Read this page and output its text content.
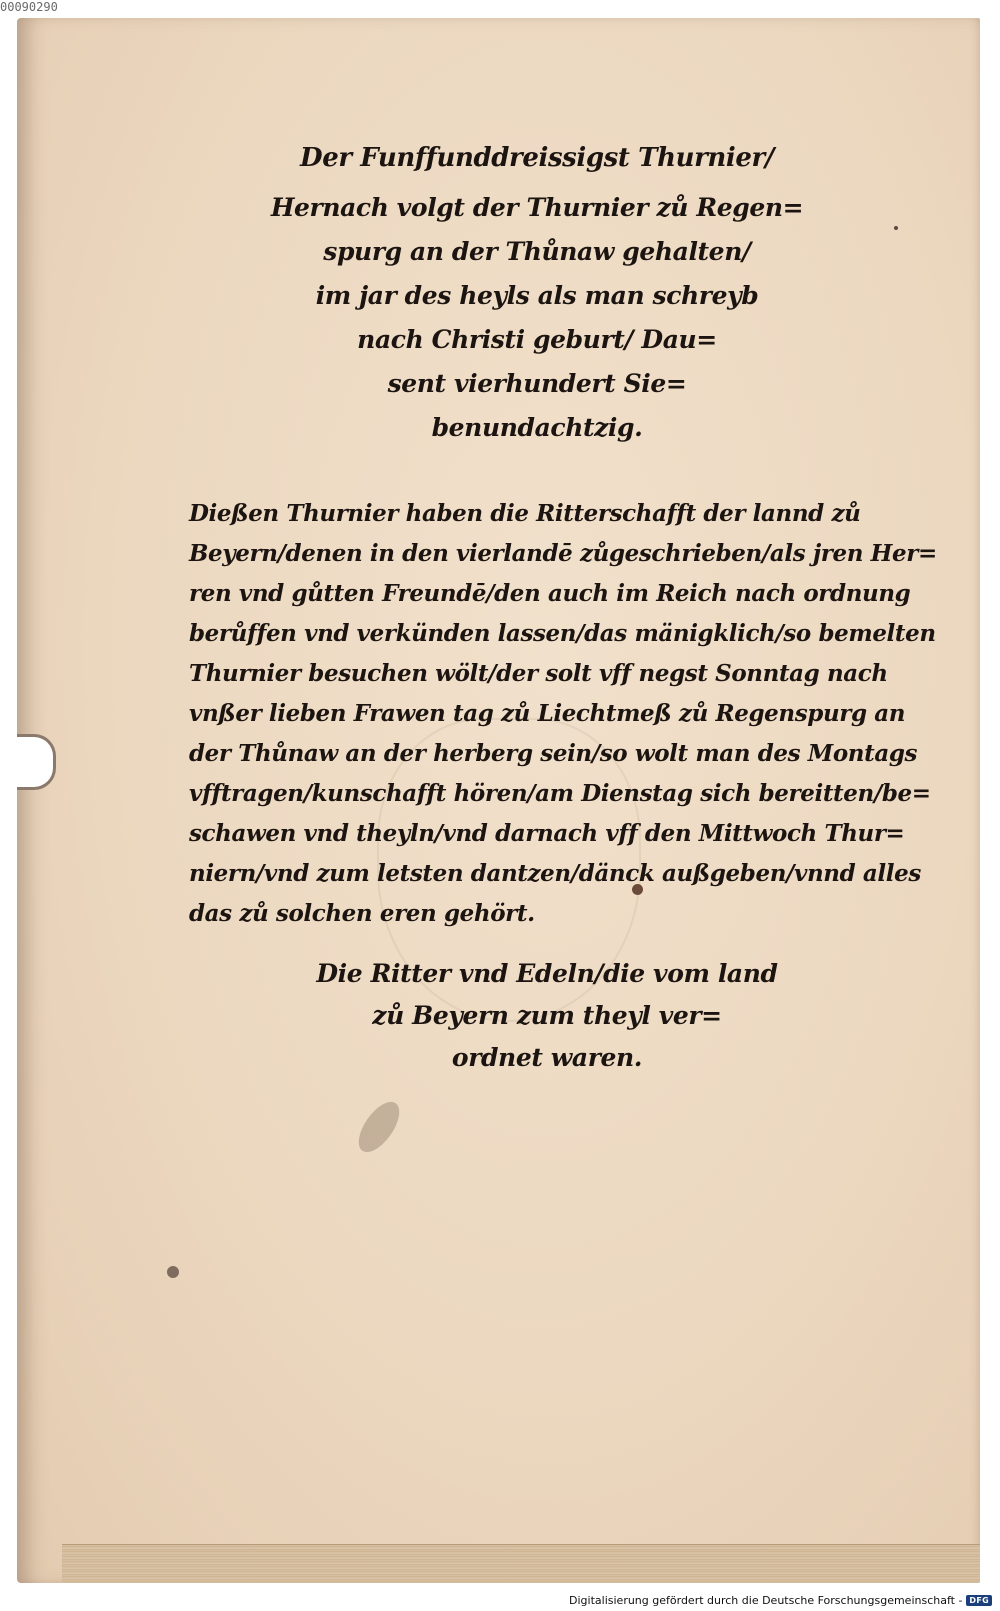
00090290

Der Funffunddreissigst Thurnier/

Hernach volgt der Thurnier zů Regen=

spurg an der Thůnaw gehalten/

im jar des heyls als man schreyb

nach Christi geburt/ Dau=

sent vierhundert Sie=

benundachtzig.

Dießen Thurnier haben die Ritterschafft der lannd zů

Beyern/denen in den vierlandē zůgeschrieben/als jren Her=

ren vnd gůtten Freundē/den auch im Reich nach ordnung

berůffen vnd verkünden lassen/das mänigklich/so bemelten

Thurnier besuchen wölt/der solt vff negst Sonntag nach

vnßer lieben Frawen tag zů Liechtmeß zů Regenspurg an

der Thůnaw an der herberg sein/so wolt man des Montags

vfftragen/kunschafft hören/am Dienstag sich bereitten/be=

schawen vnd theyln/vnd darnach vff den Mittwoch Thur=

niern/vnd zum letsten dantzen/dänck außgeben/vnnd alles

das zů solchen eren gehört.

Die Ritter vnd Edeln/die vom land

zů Beyern zum theyl ver=

ordnet waren.

Digitalisierung gefördert durch die Deutsche Forschungsgemeinschaft - DFG
